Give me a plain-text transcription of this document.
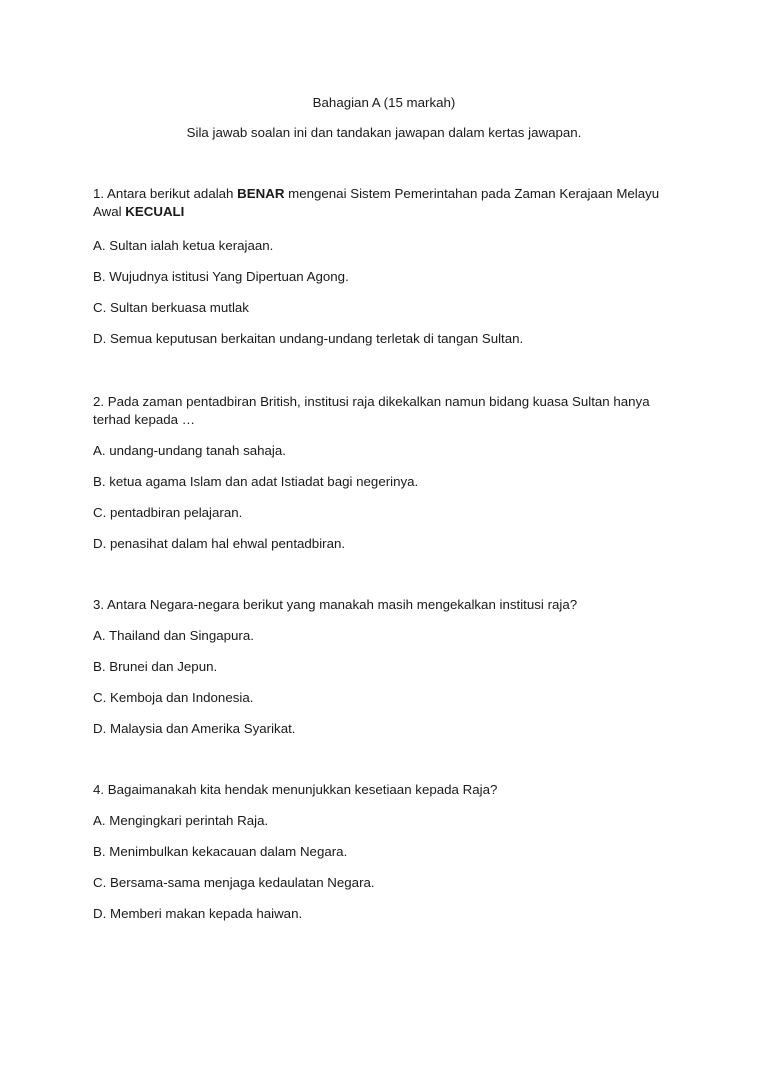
Bahagian A (15 markah)
Sila jawab soalan ini dan tandakan jawapan dalam kertas jawapan.

1. Antara berikut adalah BENAR mengenai Sistem Pemerintahan pada Zaman Kerajaan Melayu Awal KECUALI

A. Sultan ialah ketua kerajaan.
B. Wujudnya istitusi Yang Dipertuan Agong.
C. Sultan berkuasa mutlak
D. Semua keputusan berkaitan undang-undang terletak di tangan Sultan.

2. Pada zaman pentadbiran British, institusi raja dikekalkan namun bidang kuasa Sultan hanya terhad kepada …

A. undang-undang tanah sahaja.
B. ketua agama Islam dan adat Istiadat bagi negerinya.
C. pentadbiran pelajaran.
D. penasihat dalam hal ehwal pentadbiran.

3. Antara Negara-negara berikut yang manakah masih mengekalkan institusi raja?

A. Thailand dan Singapura.
B. Brunei dan Jepun.
C. Kemboja dan Indonesia.
D. Malaysia dan Amerika Syarikat.

4. Bagaimanakah kita hendak menunjukkan kesetiaan kepada Raja?

A. Mengingkari perintah Raja.
B. Menimbulkan kekacauan dalam Negara.
C. Bersama-sama menjaga kedaulatan Negara.
D. Memberi makan kepada haiwan.
